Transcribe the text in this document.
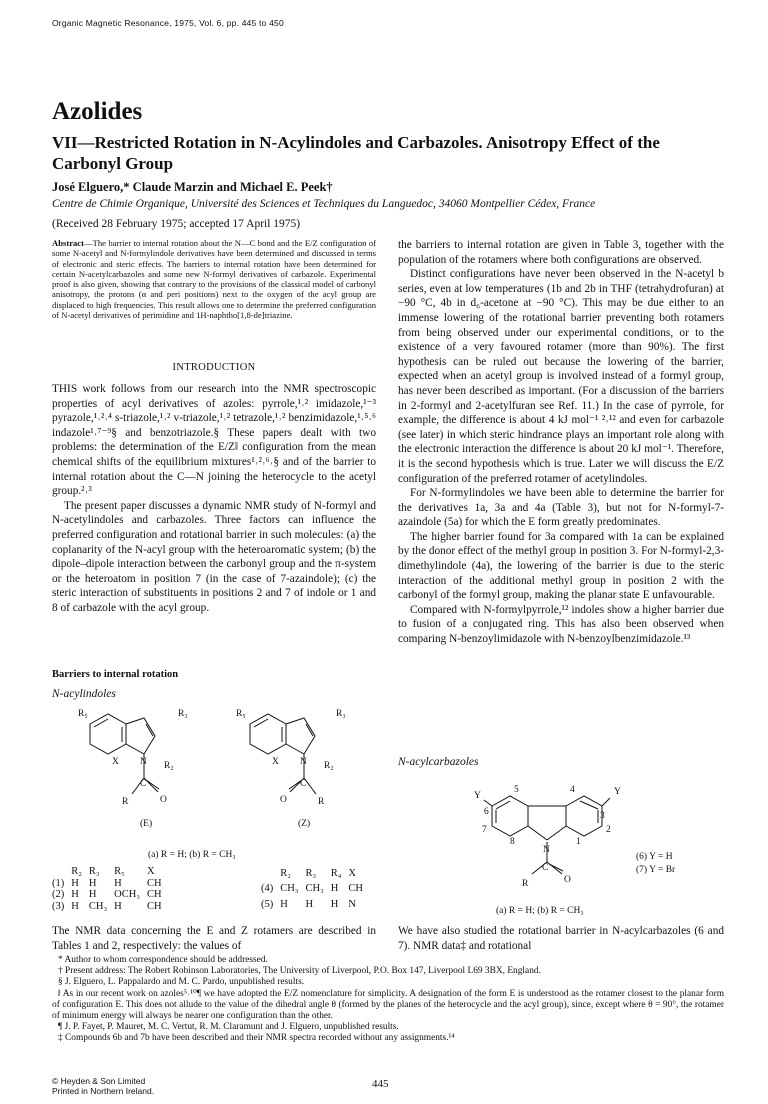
Organic Magnetic Resonance, 1975, Vol. 6, pp. 445 to 450
Azolides
VII—Restricted Rotation in N-Acylindoles and Carbazoles. Anisotropy Effect of the Carbonyl Group
José Elguero,* Claude Marzin and Michael E. Peek†
Centre de Chimie Organique, Université des Sciences et Techniques du Languedoc, 34060 Montpellier Cédex, France
(Received 28 February 1975; accepted 17 April 1975)
Abstract—The barrier to internal rotation about the N—C bond and the E/Z configuration of some N-acetyl and N-formylindole derivatives have been determined and discussed in terms of electronic and steric effects. The barriers to internal rotation have been determined for certain N-acetylcarbazoles and some new N-formyl derivatives of carbazole. Experimental proof is also given, showing that contrary to the provisions of the classical model of carbonyl anisotropy, the protons (α and peri positions) next to the oxygen of the acyl group are displaced to high frequencies. This result allows one to determine the preferred configuration of N-acetyl derivatives of perimidine and 1H-naphtho[1,8-de]triazine.
INTRODUCTION

THIS work follows from our research into the NMR spectroscopic properties of acyl derivatives of azoles: pyrrole,¹˒² imidazole,¹⁻³ pyrazole,¹˒²˒⁴ s-triazole,¹˒² v-triazole,¹˒² tetrazole,¹˒² benzimidazole,¹˒⁵˒⁶ indazole¹˒⁷⁻⁹§ and benzotriazole.§ These papers dealt with two problems: the determination of the E/Z‖ configuration from the mean chemical shifts of the equilibrium mixtures¹˒²˒⁶˒§ and of the barrier to internal rotation about the C—N joining the heterocycle to the acetyl group.²˒³

The present paper discusses a dynamic NMR study of N-formyl and N-acetylindoles and carbazoles. Three factors can influence the preferred configuration and rotational barrier in such molecules: (a) the coplanarity of the N-acyl group with the heteroaromatic system; (b) the dipole–dipole interaction between the carbonyl group and the π-system or the heteroatom in position 7 (in the case of 7-azaindole); (c) the steric interaction of substituents in positions 2 and 7 of indole or 1 and 8 of carbazole with the acyl group.

Barriers to internal rotation
N-acylindoles
R₅	R₃
R₂
X N
C
R	O
(E)
R₅	R₃
R₂
X N
C
O	R
(Z)
(a) R = H; (b) R = CH₃
	R₂	R₃	R₅	X
(1)	H	H	H	CH
(2)	H	H	OCH₃	CH
(3)	H	CH₃	H	CH
	R₂	R₃	R₄	X
(4)	CH₃	CH₃	H	CH
(5)	H	H	H	N
The NMR data concerning the E and Z rotamers are described in Tables 1 and 2, respectively: the values of

the barriers to internal rotation are given in Table 3, together with the population of the rotamers where both configurations are observed.

Distinct configurations have never been observed in the N-acetyl b series, even at low temperatures (1b and 2b in THF (tetrahydrofuran) at −90 °C, 4b in d₆-acetone at −90 °C). This may be due either to an immense lowering of the rotational barrier preventing both rotamers from being observed under our experimental conditions, or to the existence of a very favoured rotamer (more than 90%). The first hypothesis can be ruled out because the lowering of the barrier, expected when an acetyl group is involved instead of a formyl group, has never been described as important. (For a discussion of the barriers in 2-formyl and 2-acetylfuran see Ref. 11.) In the case of pyrrole, for example, the difference is about 4 kJ mol⁻¹ ²˒¹² and even for carbazole (see later) in which steric hindrance plays an important role along with the electronic interaction the difference is about 20 kJ mol⁻¹. Therefore, it is the second hypothesis which is true. Later we will discuss the E/Z configuration of the preferred rotamer of acetylindoles.

For N-formylindoles we have been able to determine the barrier for the derivatives 1a, 3a and 4a (Table 3), but not for N-formyl-7-azaindole (5a) for which the E form greatly predominates.

The higher barrier found for 3a compared with 1a can be explained by the donor effect of the methyl group in position 3. For N-formyl-2,3-dimethylindole (4a), the lowering of the barrier is due to the steric interaction of the additional methyl group in position 2 with the carbonyl of the formyl group, making the planar state E unfavourable.

Compared with N-formylpyrrole,¹² indoles show a higher barrier due to fusion of a conjugated ring. This has also been observed when comparing N-benzoylimidazole with N-benzoylbenzimidazole.¹³

N-acylcarbazoles
Y
5	4
3
Y
6
7
8
N
1
2
C
R	O
(6) Y = H
(7) Y = Br
(a) R = H; (b) R = CH₃
We have also studied the rotational barrier in N-acylcarbazoles (6 and 7). NMR data‡ and rotational
* Author to whom correspondence should be addressed.
† Present address: The Robert Robinson Laboratories, The University of Liverpool, P.O. Box 147, Liverpool L69 3BX, England.
§ J. Elguero, L. Pappalardo and M. C. Pardo, unpublished results.
‖ As in our recent work on azoles⁵˒¹⁰¶ we have adopted the E/Z nomenclature for simplicity. A designation of the form E is understood as the rotamer closest to the planar form of configuration E. This does not allude to the value of the dihedral angle θ (formed by the planes of the heterocycle and the acyl group), since, except where θ = 90°, the rotamer of minimum energy will always be nearer one configuration than the other.
¶ J. P. Fayet, P. Mauret, M. C. Vertut, R. M. Claramunt and J. Elguero, unpublished results.
‡ Compounds 6b and 7b have been described and their NMR spectra recorded without any assignments.¹⁴
© Heyden & Son Limited
Printed in Northern Ireland.
445
